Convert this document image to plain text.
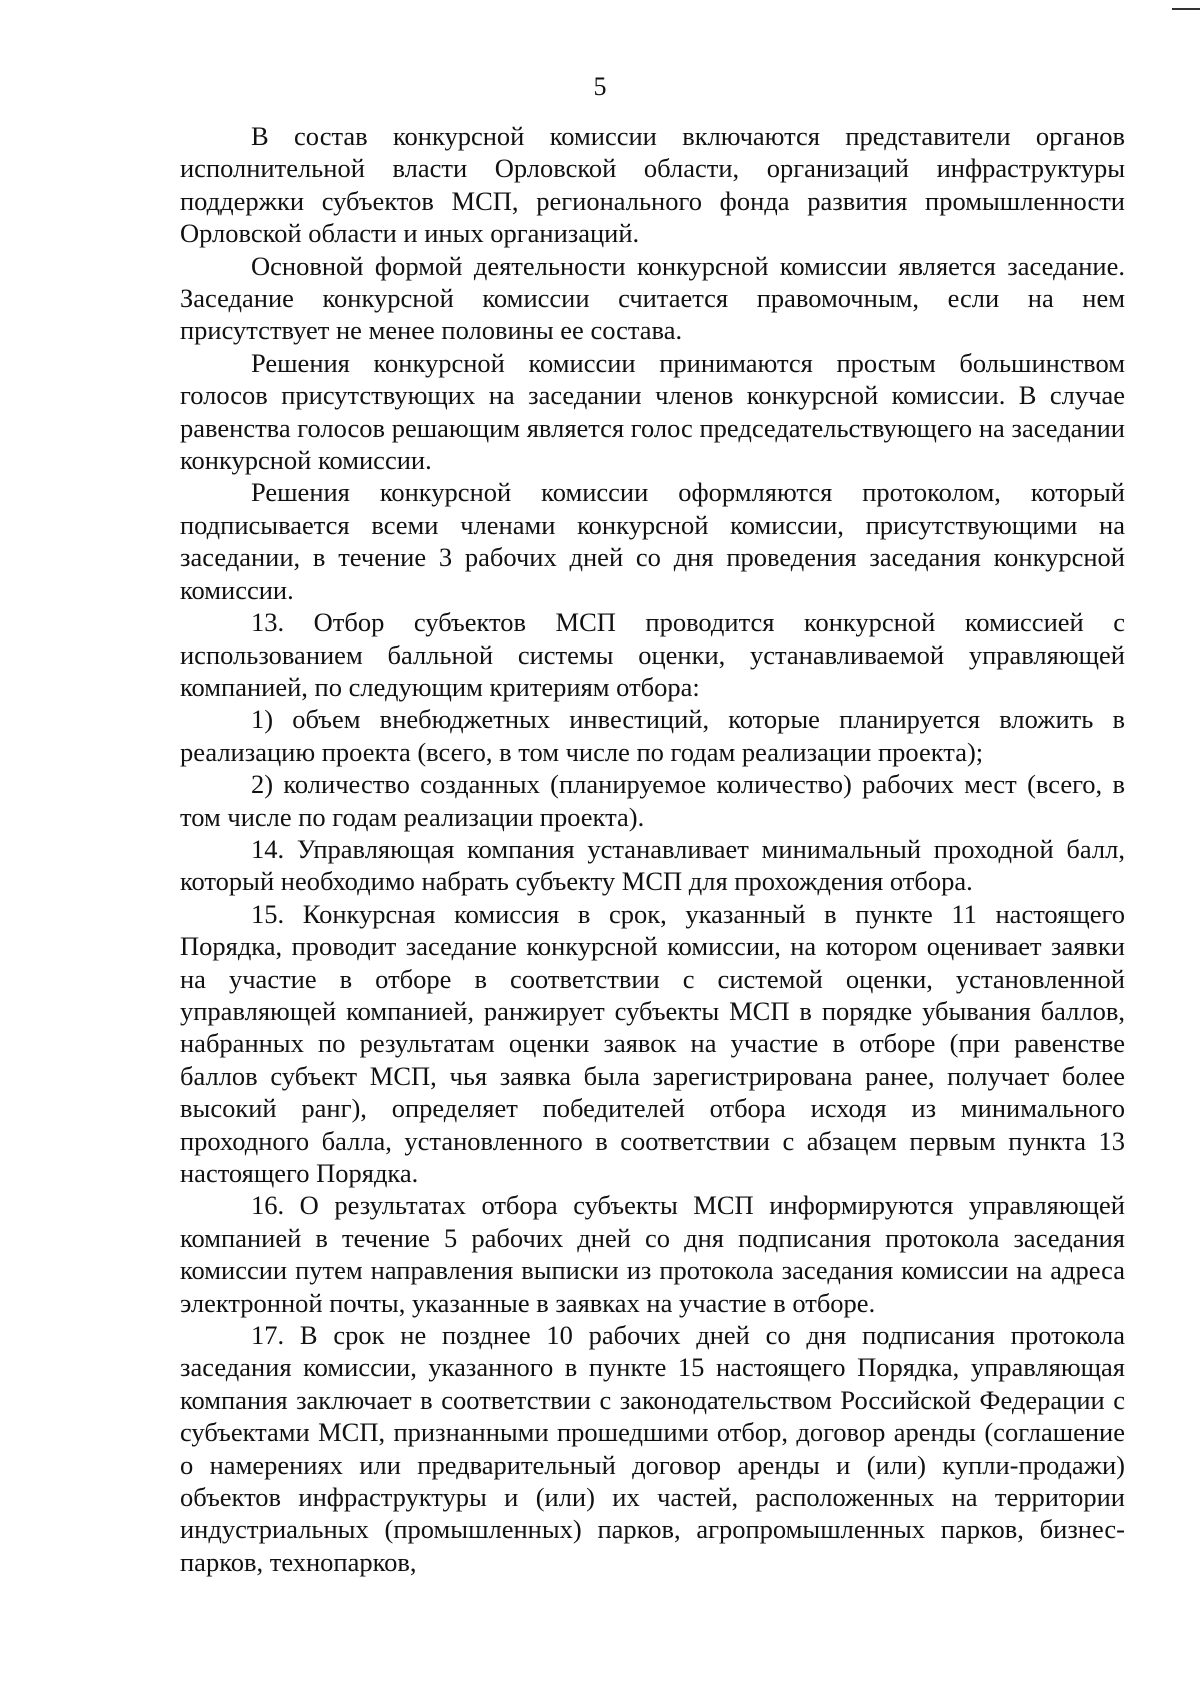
5

В состав конкурсной комиссии включаются представители органов исполнительной власти Орловской области, организаций инфраструктуры поддержки субъектов МСП, регионального фонда развития промышленности Орловской области и иных организаций.

Основной формой деятельности конкурсной комиссии является заседание. Заседание конкурсной комиссии считается правомочным, если на нем присутствует не менее половины ее состава.

Решения конкурсной комиссии принимаются простым большинством голосов присутствующих на заседании членов конкурсной комиссии. В случае равенства голосов решающим является голос председательствующего на заседании конкурсной комиссии.

Решения конкурсной комиссии оформляются протоколом, который подписывается всеми членами конкурсной комиссии, присутствующими на заседании, в течение 3 рабочих дней со дня проведения заседания конкурсной комиссии.

13. Отбор субъектов МСП проводится конкурсной комиссией с использованием балльной системы оценки, устанавливаемой управляющей компанией, по следующим критериям отбора:

1) объем внебюджетных инвестиций, которые планируется вложить в реализацию проекта (всего, в том числе по годам реализации проекта);

2) количество созданных (планируемое количество) рабочих мест (всего, в том числе по годам реализации проекта).

14. Управляющая компания устанавливает минимальный проходной балл, который необходимо набрать субъекту МСП для прохождения отбора.

15. Конкурсная комиссия в срок, указанный в пункте 11 настоящего Порядка, проводит заседание конкурсной комиссии, на котором оценивает заявки на участие в отборе в соответствии с системой оценки, установленной управляющей компанией, ранжирует субъекты МСП в порядке убывания баллов, набранных по результатам оценки заявок на участие в отборе (при равенстве баллов субъект МСП, чья заявка была зарегистрирована ранее, получает более высокий ранг), определяет победителей отбора исходя из минимального проходного балла, установленного в соответствии с абзацем первым пункта 13 настоящего Порядка.

16. О результатах отбора субъекты МСП информируются управляющей компанией в течение 5 рабочих дней со дня подписания протокола заседания комиссии путем направления выписки из протокола заседания комиссии на адреса электронной почты, указанные в заявках на участие в отборе.

17. В срок не позднее 10 рабочих дней со дня подписания протокола заседания комиссии, указанного в пункте 15 настоящего Порядка, управляющая компания заключает в соответствии с законодательством Российской Федерации с субъектами МСП, признанными прошедшими отбор, договор аренды (соглашение о намерениях или предварительный договор аренды и (или) купли-продажи) объектов инфраструктуры и (или) их частей, расположенных на территории индустриальных (промышленных) парков, агропромышленных парков, бизнес-парков, технопарков,
